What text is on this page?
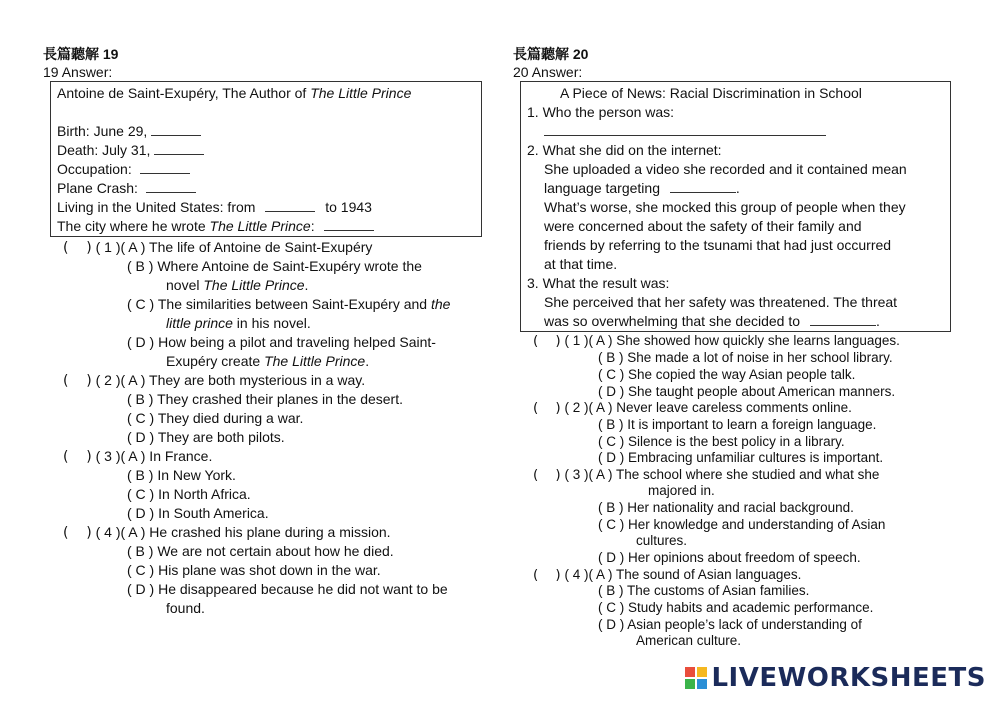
長篇聽解 19
19 Answer:
Antoine de Saint-Exupéry, The Author of The Little Prince
Birth: June 29,
Death: July 31,
Occupation:
Plane Crash:
Living in the United States: from	to 1943
The city where he wrote The Little Prince:
(    ) ( 1 )( A ) The life of Antoine de Saint-Exupéry
( B ) Where Antoine de Saint-Exupéry wrote the
novel The Little Prince.
( C ) The similarities between Saint-Exupéry and the
little prince in his novel.
( D ) How being a pilot and traveling helped Saint-
Exupéry create The Little Prince.
(    ) ( 2 )( A ) They are both mysterious in a way.
( B ) They crashed their planes in the desert.
( C ) They died during a war.
( D ) They are both pilots.
(    ) ( 3 )( A ) In France.
( B ) In New York.
( C ) In North Africa.
( D ) In South America.
(    ) ( 4 )( A ) He crashed his plane during a mission.
( B ) We are not certain about how he died.
( C ) His plane was shot down in the war.
( D ) He disappeared because he did not want to be
found.
長篇聽解 20
20 Answer:
A Piece of News: Racial Discrimination in School
1. Who the person was:
2. What she did on the internet:
She uploaded a video she recorded and it contained mean
language targeting	.
What’s worse, she mocked this group of people when they
were concerned about the safety of their family and
friends by referring to the tsunami that had just occurred
at that time.
3. What the result was:
She perceived that her safety was threatened. The threat
was so overwhelming that she decided to	.
(    ) ( 1 )( A ) She showed how quickly she learns languages.
( B ) She made a lot of noise in her school library.
( C ) She copied the way Asian people talk.
( D ) She taught people about American manners.
(    ) ( 2 )( A ) Never leave careless comments online.
( B ) It is important to learn a foreign language.
( C ) Silence is the best policy in a library.
( D ) Embracing unfamiliar cultures is important.
(    ) ( 3 )( A ) The school where she studied and what she
majored in.
( B ) Her nationality and racial background.
( C ) Her knowledge and understanding of Asian
cultures.
( D ) Her opinions about freedom of speech.
(    ) ( 4 )( A ) The sound of Asian languages.
( B ) The customs of Asian families.
( C ) Study habits and academic performance.
( D ) Asian people’s lack of understanding of
American culture.
LIVEWORKSHEETS
